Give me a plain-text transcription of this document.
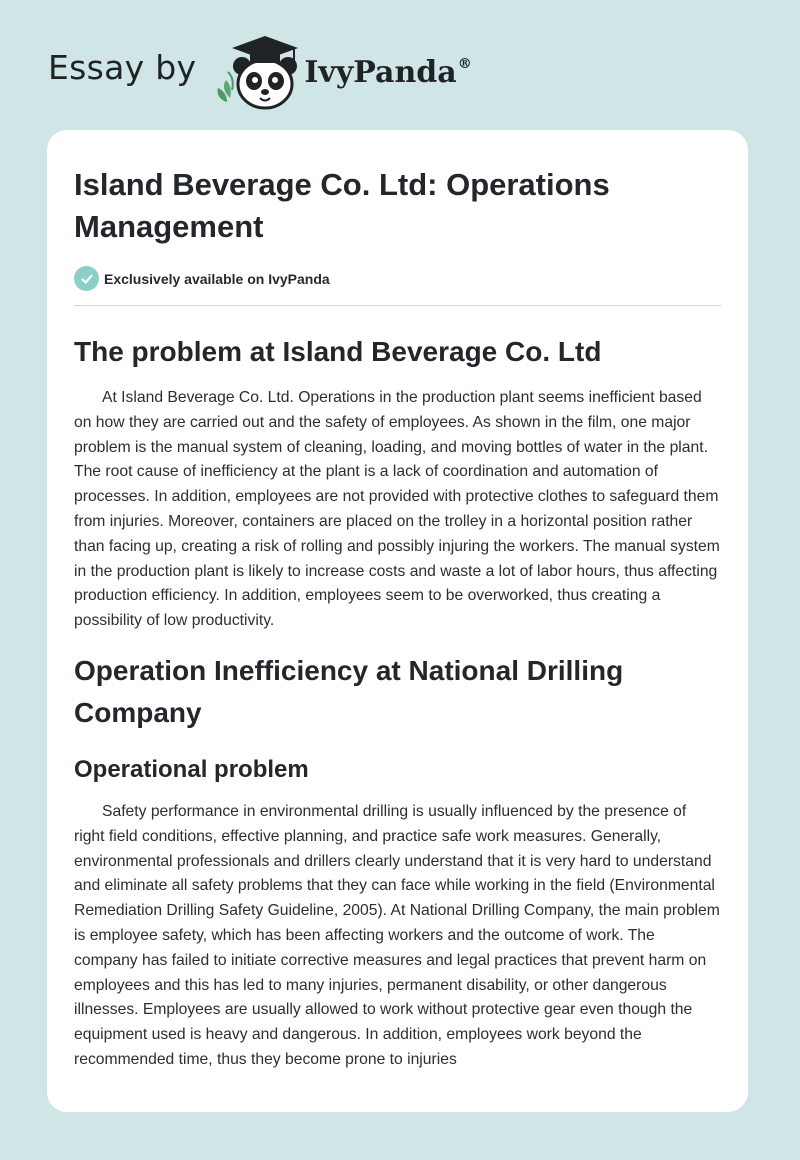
Essay by	IvyPanda®
Island Beverage Co. Ltd: Operations Management
Exclusively available on IvyPanda
The problem at Island Beverage Co. Ltd

At Island Beverage Co. Ltd. Operations in the production plant seems inefficient based on how they are carried out and the safety of employees. As shown in the film, one major problem is the manual system of cleaning, loading, and moving bottles of water in the plant. The root cause of inefficiency at the plant is a lack of coordination and automation of processes. In addition, employees are not provided with protective clothes to safeguard them from injuries. Moreover, containers are placed on the trolley in a horizontal position rather than facing up, creating a risk of rolling and possibly injuring the workers. The manual system in the production plant is likely to increase costs and waste a lot of labor hours, thus affecting production efficiency. In addition, employees seem to be overworked, thus creating a possibility of low productivity.

Operation Inefficiency at National Drilling Company
Operational problem

Safety performance in environmental drilling is usually influenced by the presence of right field conditions, effective planning, and practice safe work measures. Generally, environmental professionals and drillers clearly understand that it is very hard to understand and eliminate all safety problems that they can face while working in the field (Environmental Remediation Drilling Safety Guideline, 2005). At National Drilling Company, the main problem is employee safety, which has been affecting workers and the outcome of work. The company has failed to initiate corrective measures and legal practices that prevent harm on employees and this has led to many injuries, permanent disability, or other dangerous illnesses. Employees are usually allowed to work without protective gear even though the equipment used is heavy and dangerous. In addition, employees work beyond the recommended time, thus they become prone to injuries
